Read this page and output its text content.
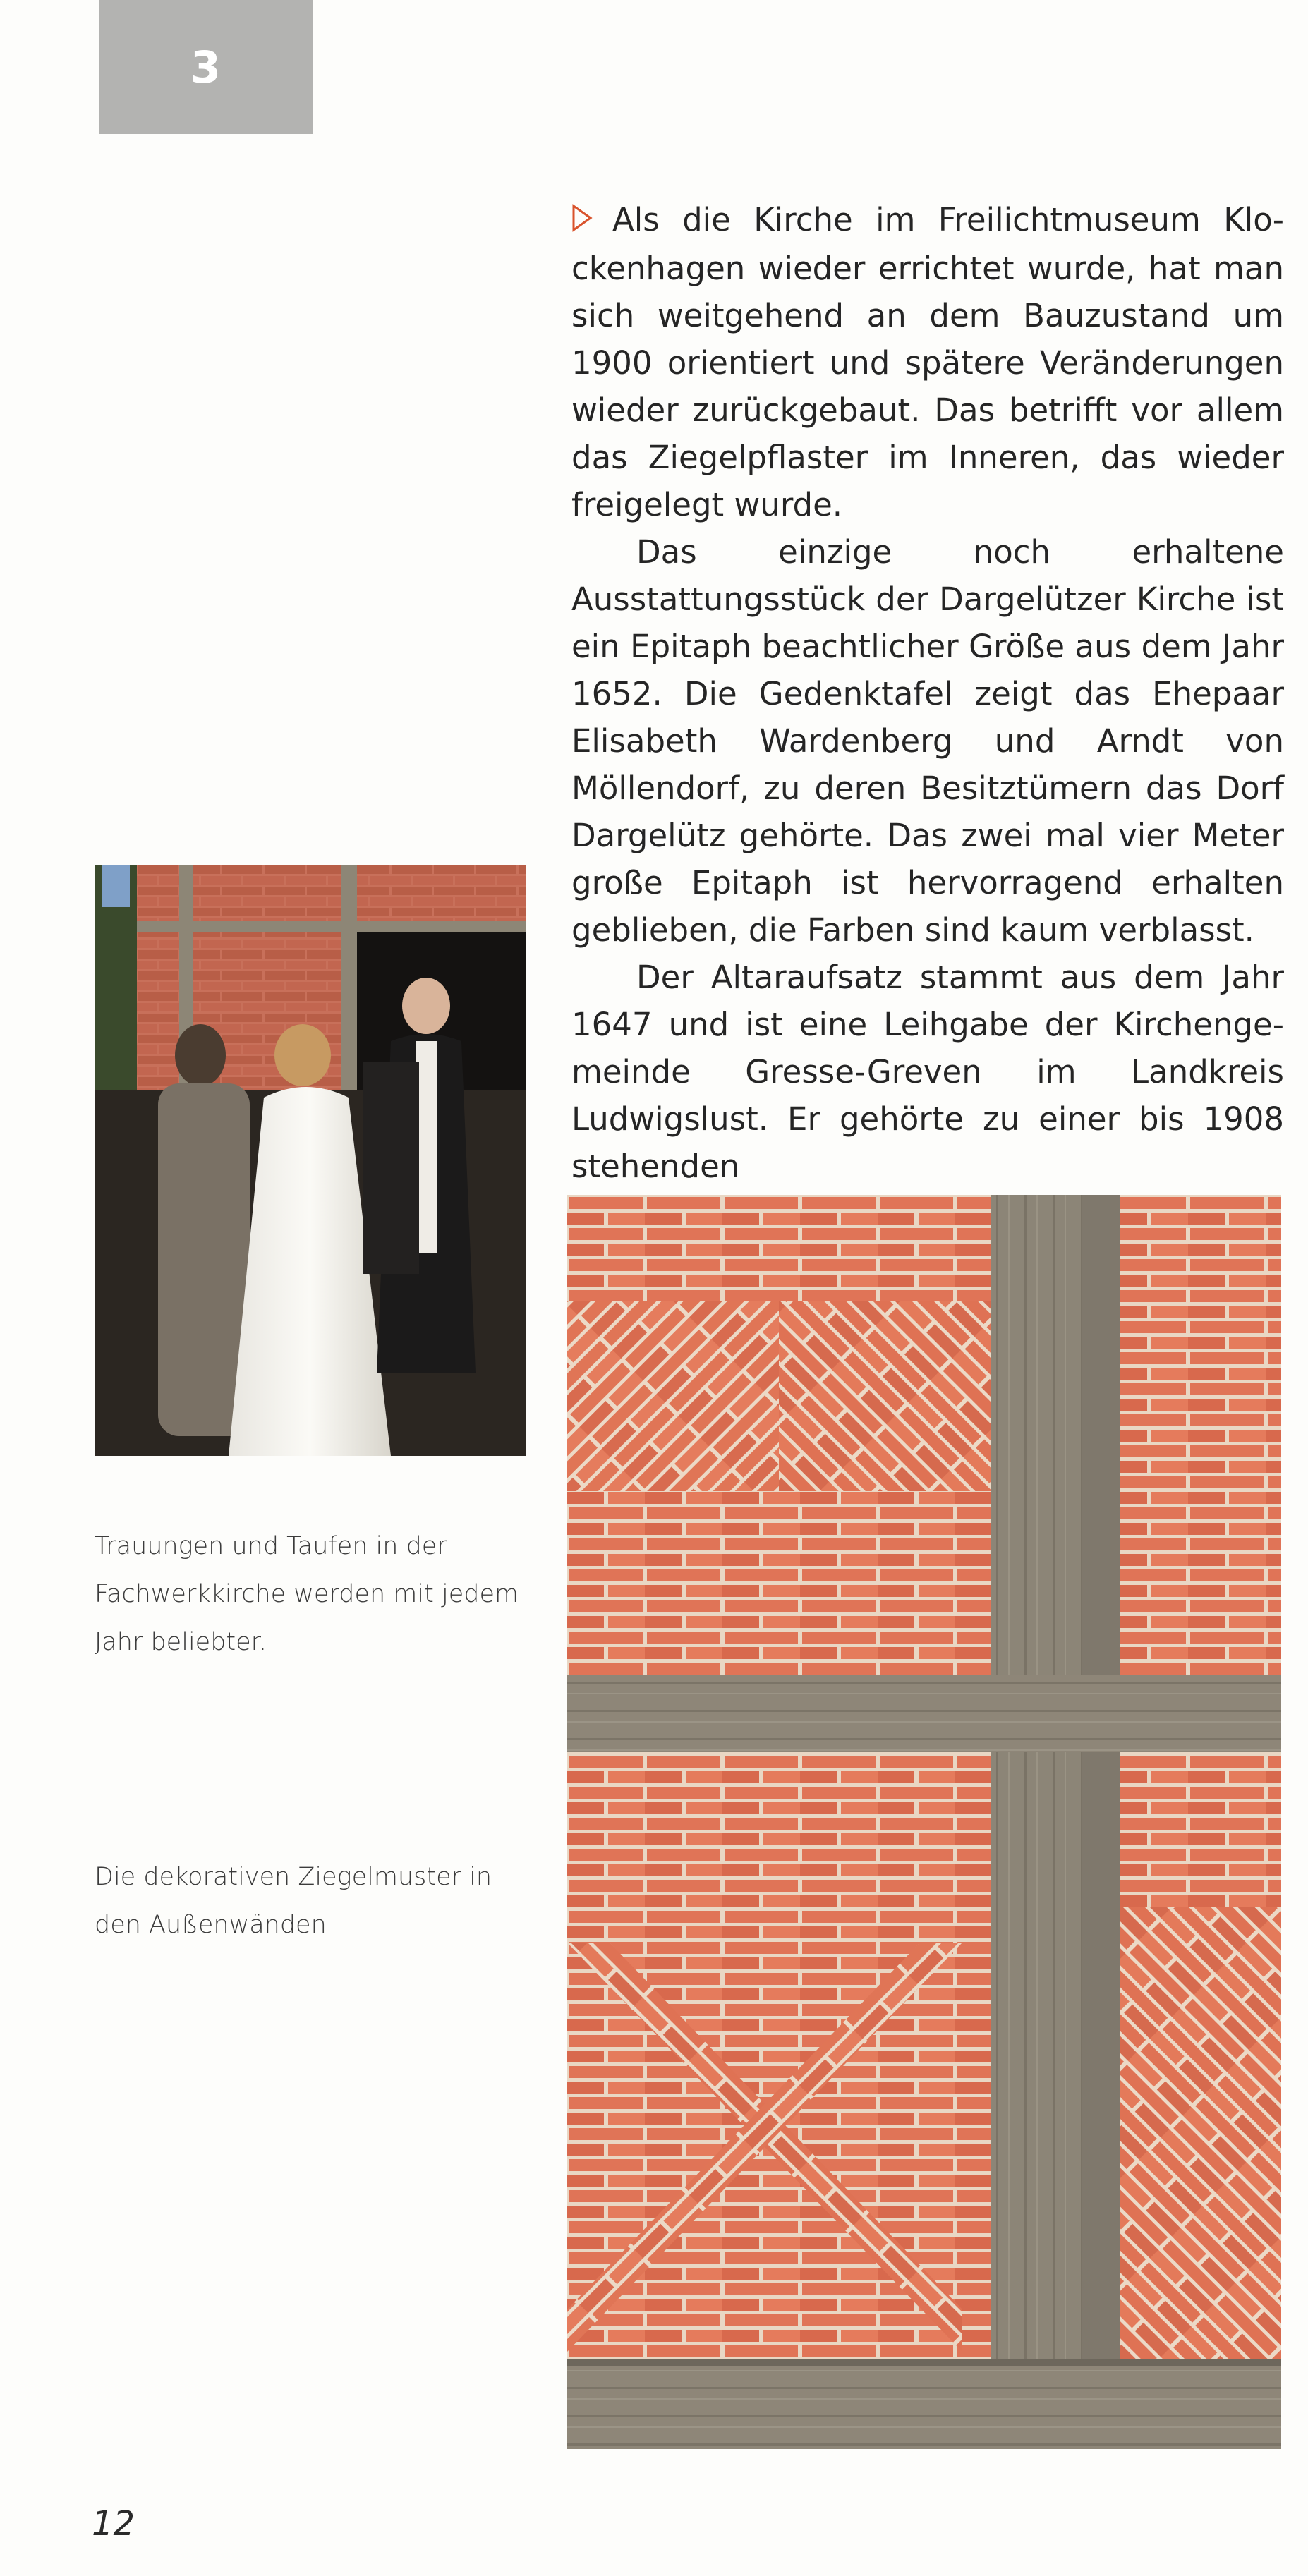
3

Als die Kirche im Freilichtmuseum Klockenhagen wieder errichtet wurde, hat man sich weitgehend an dem Bauzustand um 1900 orientiert und spätere Veränderungen wieder zurückgebaut. Das betrifft vor allem das Ziegelpflaster im Inneren, das wieder freigelegt wurde.

Das einzige noch erhaltene Ausstattungsstück der Dargelützer Kirche ist ein Epitaph beachtlicher Größe aus dem Jahr 1652. Die Gedenktafel zeigt das Ehepaar Elisabeth Wardenberg und Arndt von Möllendorf, zu deren Besitztümern das Dorf Dargelütz gehörte. Das zwei mal vier Meter große Epitaph ist hervorragend erhalten geblieben, die Farben sind kaum verblasst.

Der Altaraufsatz stammt aus dem Jahr 1647 und ist eine Leihgabe der Kirchengemeinde Gresse-Greven im Landkreis Ludwigslust. Er gehörte zu einer bis 1908 stehenden

Trauungen und Taufen in der Fachwerkkirche werden mit jedem Jahr beliebter.
Die dekorativen Ziegelmuster in den Außenwänden
12
